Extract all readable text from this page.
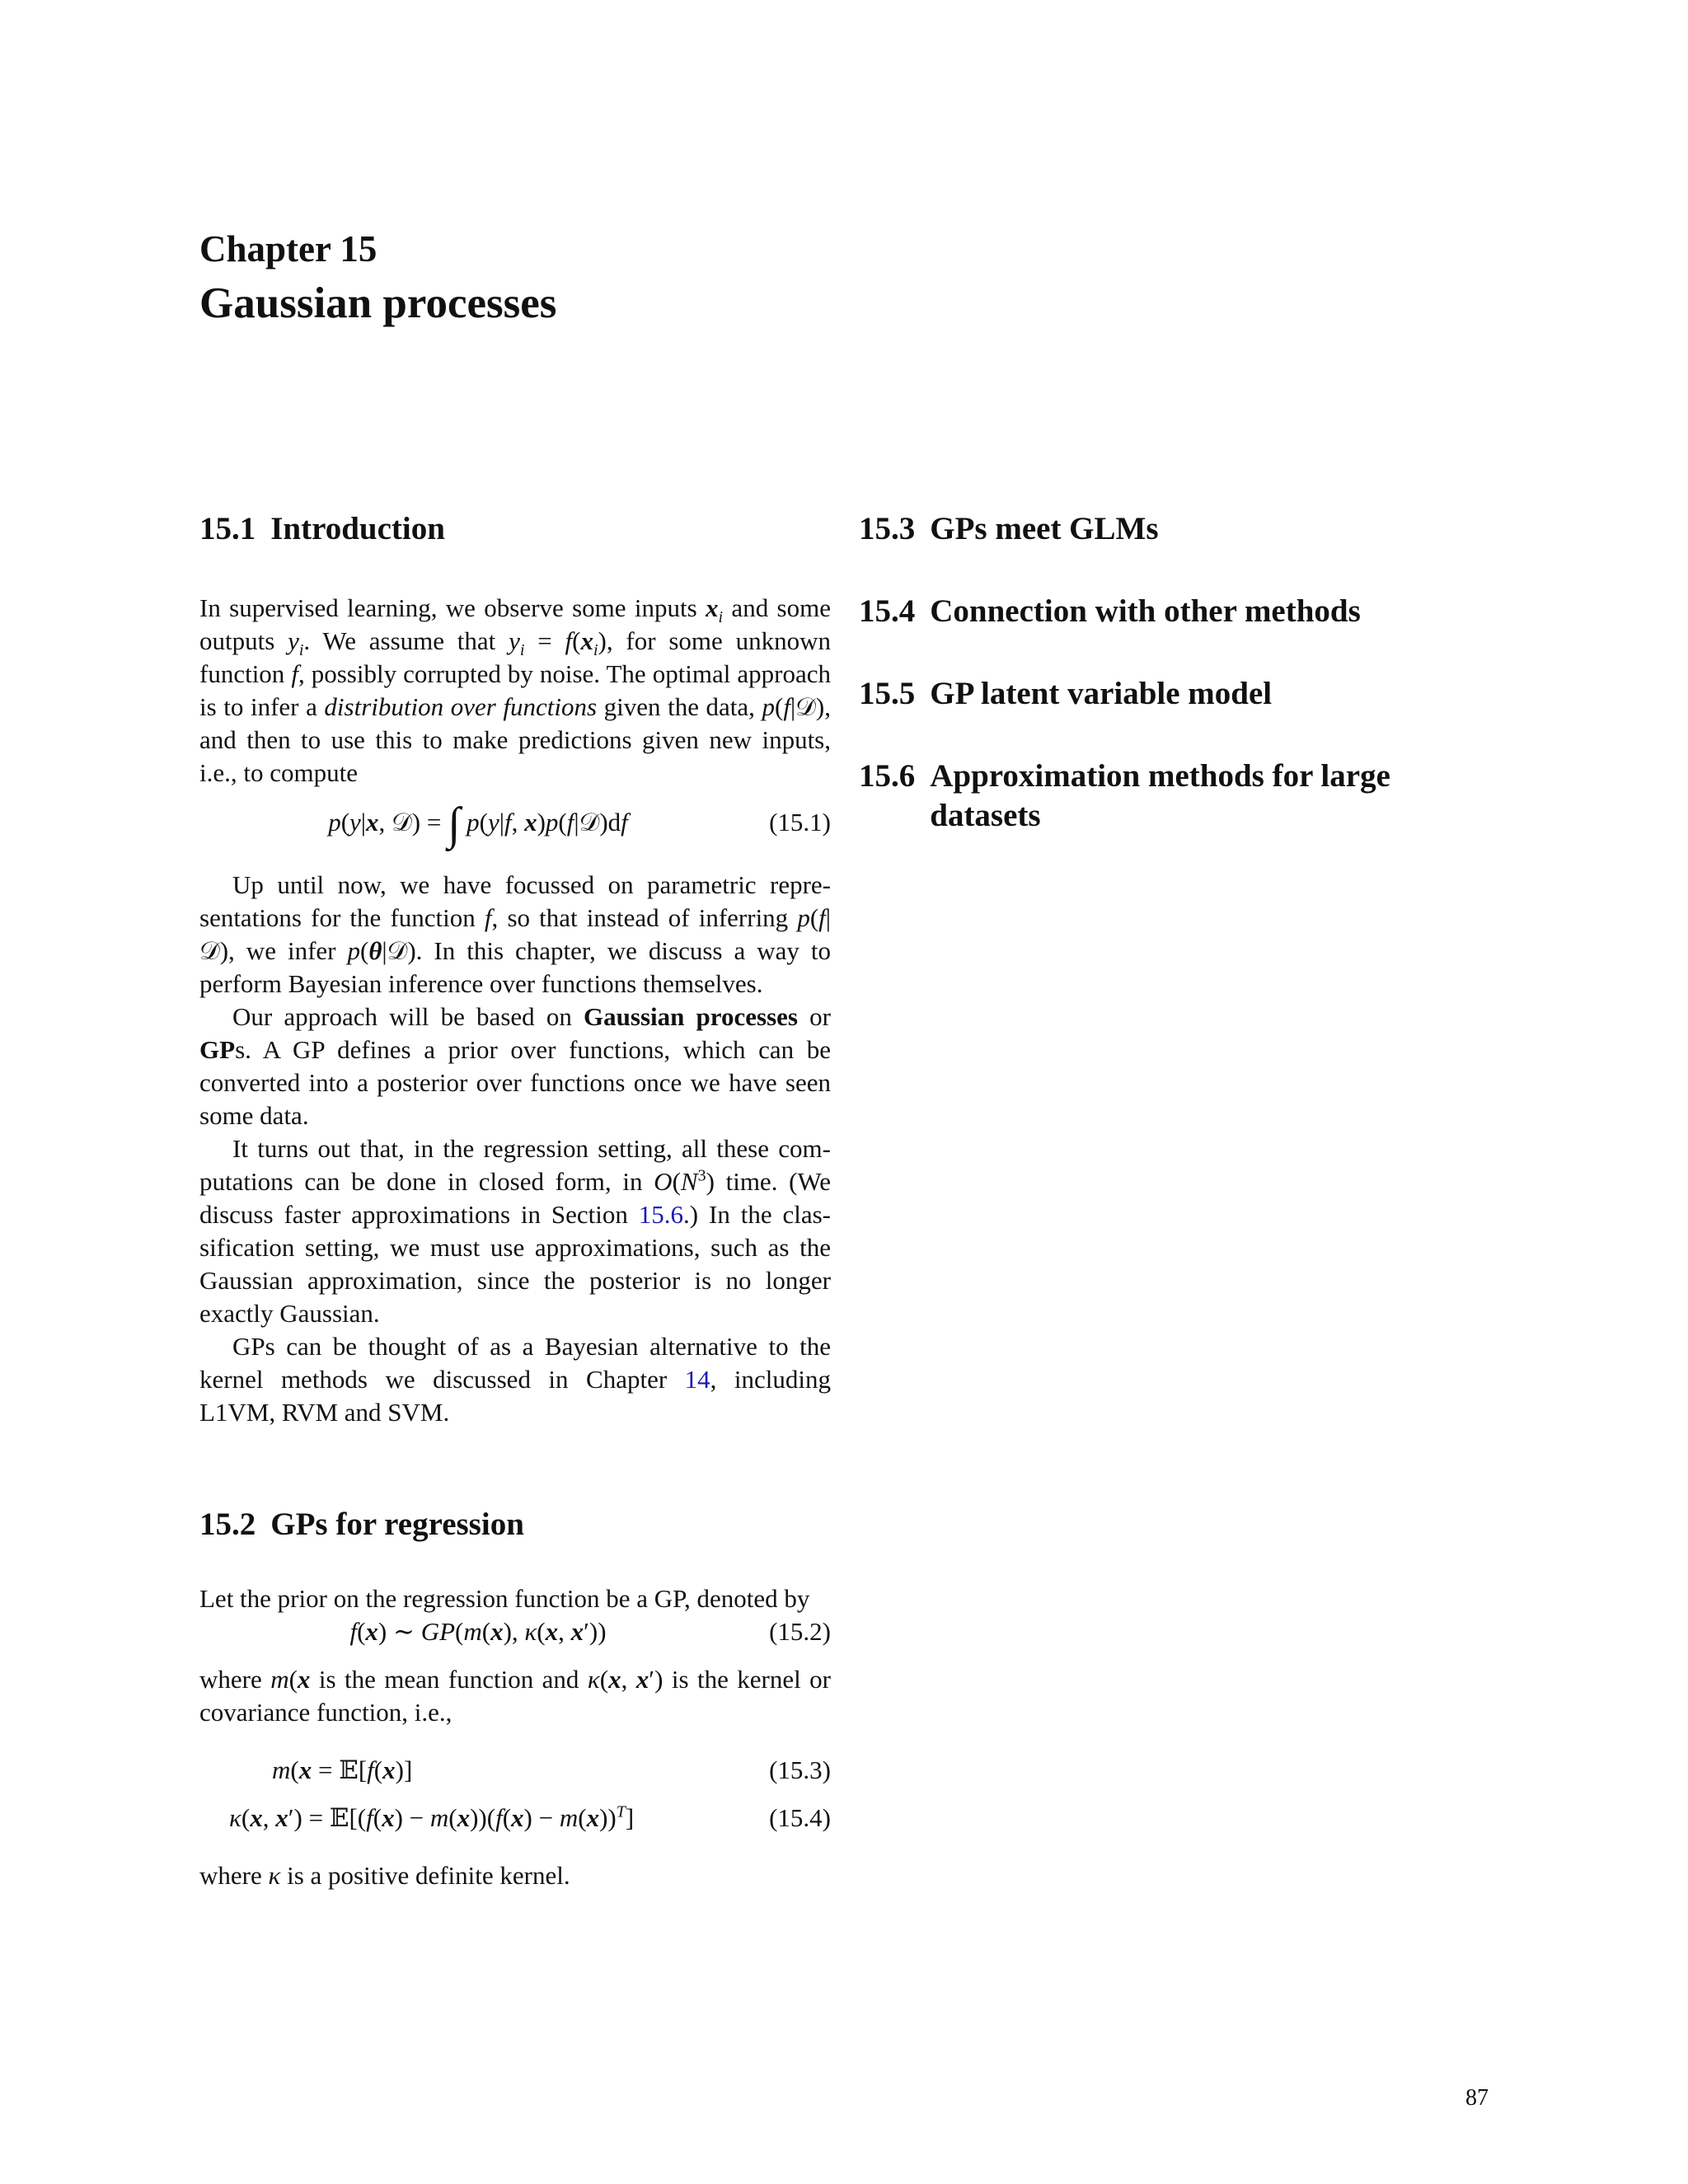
Chapter 15
Gaussian processes
15.1 Introduction

In supervised learning, we observe some inputs $x_i$ and some outputs $y_i$. We assume that $y_i = f(x_i)$, for some unknown function f, possibly corrupted by noise. The optimal approach is to infer a distribution over functions given the data, p(f|𝒟), and then to use this to make predictions given new inputs, i.e., to compute

p(y|x, 𝒟) = ∫ p(y|f, x)p(f|𝒟)df	(15.1)

Up until now, we have focussed on parametric representations for the function f, so that instead of inferring p(f|𝒟), we infer p(θ|𝒟). In this chapter, we discuss a way to perform Bayesian inference over functions themselves.

Our approach will be based on Gaussian processes or GPs. A GP defines a prior over functions, which can be converted into a posterior over functions once we have seen some data.

It turns out that, in the regression setting, all these computations can be done in closed form, in $O(N^3)$ time. (We discuss faster approximations in Section 15.6.) In the classification setting, we must use approximations, such as the Gaussian approximation, since the posterior is no longer exactly Gaussian.

GPs can be thought of as a Bayesian alternative to the kernel methods we discussed in Chapter 14, including L1VM, RVM and SVM.

15.2 GPs for regression

Let the prior on the regression function be a GP, denoted by

f(x) ∼ GP(m(x), κ(x, x′))	(15.2)

where m(x is the mean function and κ(x, x′) is the kernel or covariance function, i.e.,

m(x = 𝔼[f(x)]	(15.3)
κ(x, x′) = 𝔼[(f(x) − $m(x))(f(x) - m(x))^T$]	(15.4)

where κ is a positive definite kernel.

15.3 GPs meet GLMs
15.4 Connection with other methods
15.5 GP latent variable model
15.6 Approximation methods for large datasets
87
